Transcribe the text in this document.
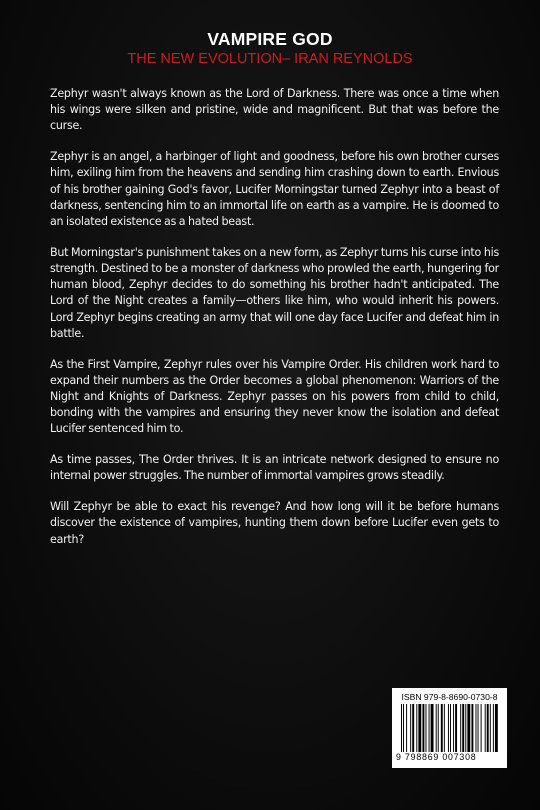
VAMPIRE GOD
THE NEW EVOLUTION– IRAN REYNOLDS

Zephyr wasn't always known as the Lord of Darkness. There was once a time when his wings were silken and pristine, wide and magnificent. But that was before the curse.

Zephyr is an angel, a harbinger of light and goodness, before his own brother curses him, exiling him from the heavens and sending him crashing down to earth. Envious of his brother gaining God's favor, Lucifer Morningstar turned Zephyr into a beast of darkness, sentencing him to an immortal life on earth as a vampire. He is doomed to an isolated existence as a hated beast.

But Morningstar's punishment takes on a new form, as Zephyr turns his curse into his strength. Destined to be a monster of darkness who prowled the earth, hungering for human blood, Zephyr decides to do something his brother hadn't anticipated. The Lord of the Night creates a family—others like him, who would inherit his powers. Lord Zephyr begins creating an army that will one day face Lucifer and defeat him in battle.

As the First Vampire, Zephyr rules over his Vampire Order. His children work hard to expand their numbers as the Order becomes a global phenomenon: Warriors of the Night and Knights of Darkness. Zephyr passes on his powers from child to child, bonding with the vampires and ensuring they never know the isolation and defeat Lucifer sentenced him to.

As time passes, The Order thrives. It is an intricate network designed to ensure no internal power struggles. The number of immortal vampires grows steadily.

Will Zephyr be able to exact his revenge? And how long will it be before humans discover the existence of vampires, hunting them down before Lucifer even gets to earth?

ISBN 979-8-8690-0730-8
9 798869 007308
